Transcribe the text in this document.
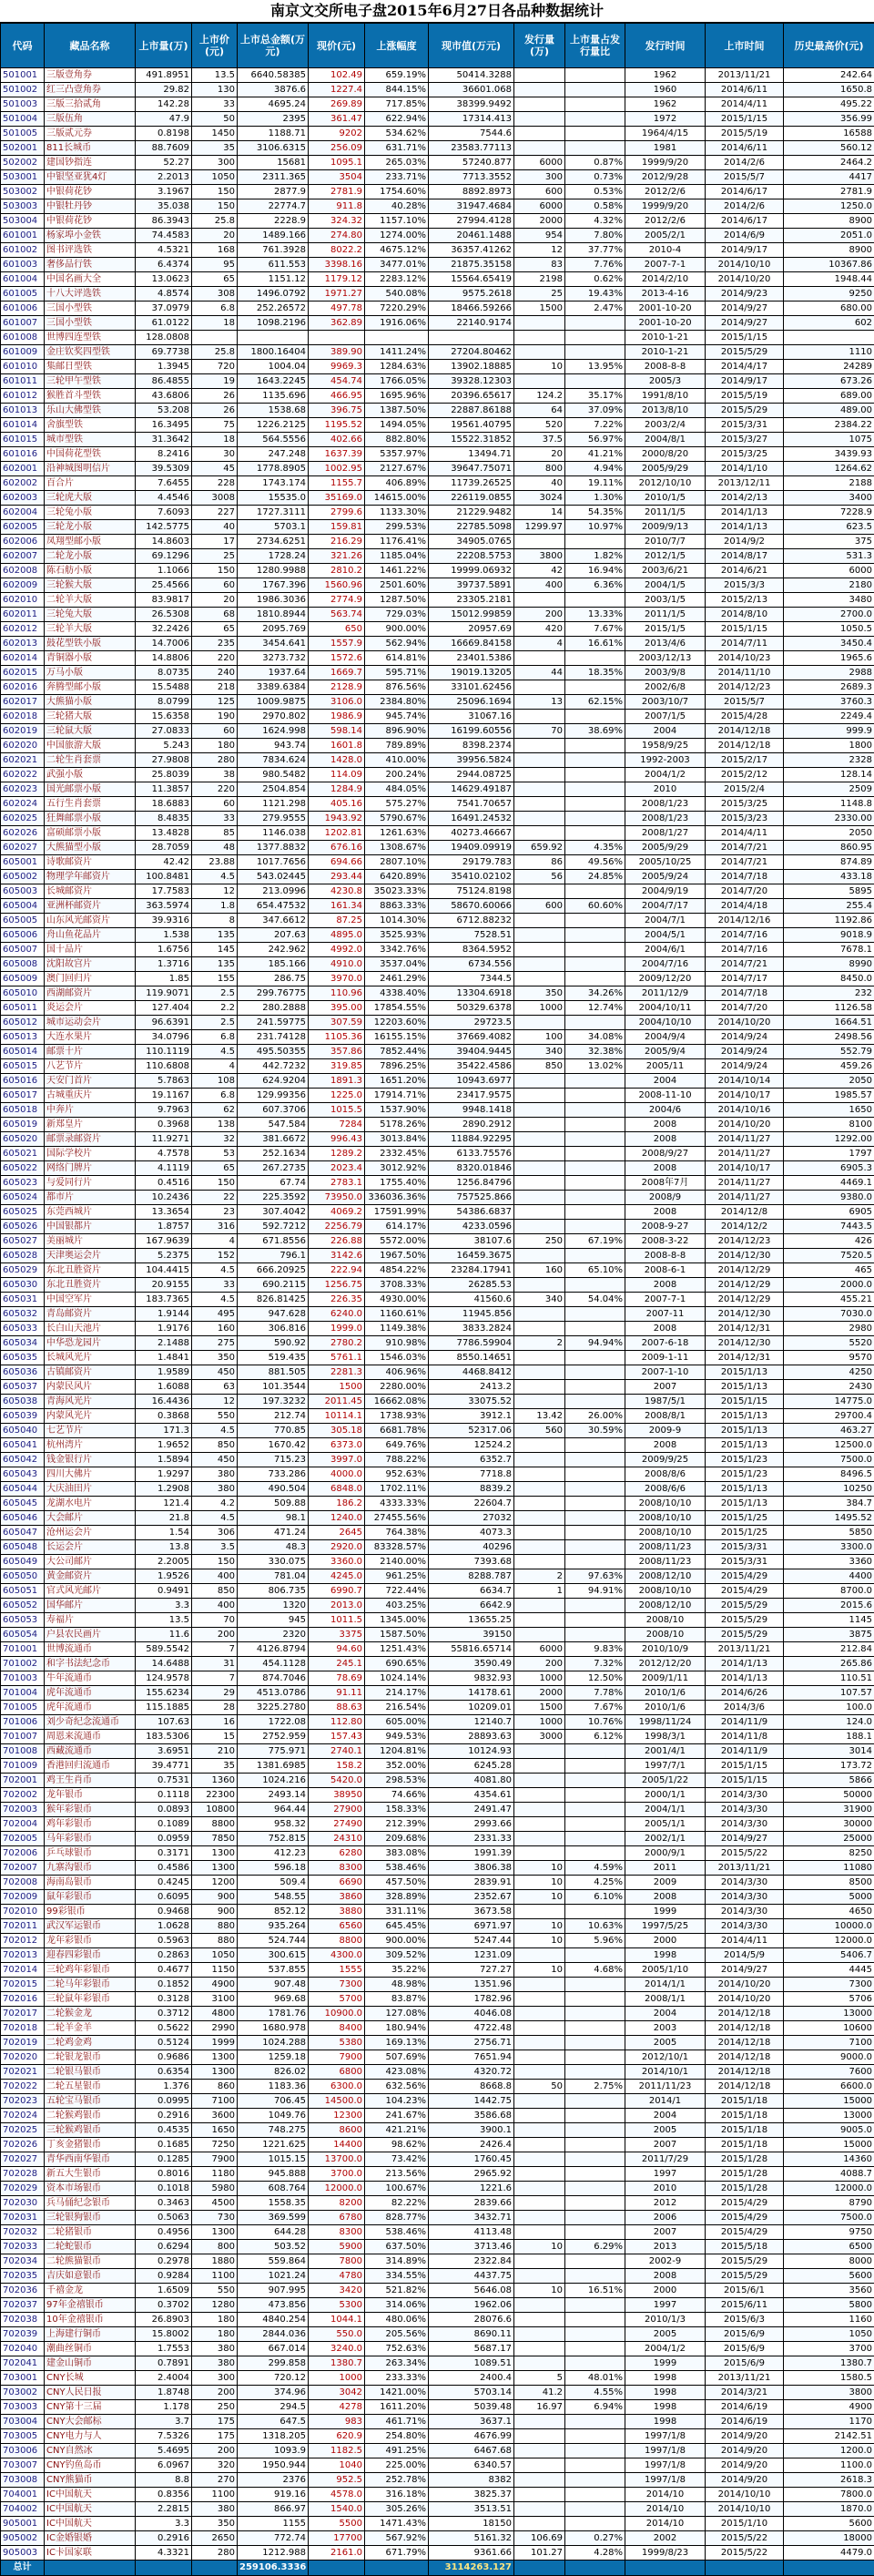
南京文交所电子盘2015年6月27日各品种数据统计
代码	藏品名称	上市量(万)	上市价(元)	上市总金额(万元)	现价(元)	上涨幅度	现市值(万元)	发行量(万)	上市量占发行量比	发行时间	上市时间	历史最高价(元)
501001	三版壹角券	491.8951	13.5	6640.58385	102.49	659.19%	50414.3288			1962	2013/11/21	242.64
501002	红三凸壹角券	29.82	130	3876.6	1227.4	844.15%	36601.068			1960	2014/6/11	1650.8
501003	三版三拾贰角	142.28	33	4695.24	269.89	717.85%	38399.9492			1962	2014/4/11	495.22
501004	三版伍角	47.9	50	2395	361.47	622.94%	17314.413			1972	2015/1/15	356.99
501005	三版贰元券	0.8198	1450	1188.71	9202	534.62%	7544.6			1964/4/15	2015/5/19	16588
502001	811长城币	88.7609	35	3106.6315	256.09	631.71%	23583.77113			1981	2014/6/11	560.12
502002	建国钞指连	52.27	300	15681	1095.1	265.03%	57240.877	6000	0.87%	1999/9/20	2014/2/6	2464.2
503001	中银坚亚犹4灯	2.2013	1050	2311.365	3504	233.71%	7713.3552	300	0.73%	2012/9/28	2015/5/7	4417
503002	中银荷花钞	3.1967	150	2877.9	2781.9	1754.60%	8892.8973	600	0.53%	2012/2/6	2014/6/17	2781.9
503003	中银牡丹钞	35.038	150	22774.7	911.8	40.28%	31947.4684	6000	0.58%	1999/9/20	2014/2/6	1250.0
503004	中银荷花钞	86.3943	25.8	2228.9	324.32	1157.10%	27994.4128	2000	4.32%	2012/2/6	2014/6/17	8900
601001	杨家埠小金铁	74.4583	20	1489.166	274.80	1274.00%	20461.1488	954	7.80%	2005/2/1	2014/6/9	2051.0
601002	图书评选铁	4.5321	168	761.3928	8022.2	4675.12%	36357.41262	12	37.77%	2010-4	2014/9/17	8900
601003	奢侈品行铁	6.4374	95	611.553	3398.16	3477.01%	21875.35158	83	7.76%	2007-7-1	2014/10/10	10367.86
601004	中国名画大全	13.0623	65	1151.12	1179.12	2283.12%	15564.65419	2198	0.62%	2014/2/10	2014/10/20	1948.44
601005	十八大评选铁	4.8574	308	1496.0792	1971.27	540.08%	9575.2618	25	19.43%	2013-4-16	2014/9/23	9250
601006	三国小型铁	37.0979	6.8	252.26572	497.78	7220.29%	18466.59266	1500	2.47%	2001-10-20	2014/9/27	680.00
601007	三国小型铁	61.0122	18	1098.2196	362.89	1916.06%	22140.9174			2001-10-20	2014/9/27	602
601008	世博四连型铁	128.0808								2010-1-21	2015/1/15	
601009	金庄钦奖四型铁	69.7738	25.8	1800.16404	389.90	1411.24%	27204.80462			2010-1-21	2015/5/29	1110
601010	集邮日型铁	1.3945	720	1004.04	9969.3	1284.63%	13902.18885	10	13.95%	2008-8-8	2014/4/17	24289
601011	三轮甲午型铁	86.4855	19	1643.2245	454.74	1766.05%	39328.12303			2005/3	2014/9/17	673.26
601012	猴胜首斗型铁	43.6806	26	1135.696	466.95	1695.96%	20396.65617	124.2	35.17%	1991/8/10	2015/5/19	689.00
601013	乐山大佛型铁	53.208	26	1538.68	396.75	1387.50%	22887.86188	64	37.09%	2013/8/10	2015/5/29	489.00
601014	舍旗型铁	16.3495	75	1226.2125	1195.52	1494.05%	19561.40795	520	7.22%	2003/2/4	2015/3/31	2384.22
601015	城市型铁	31.3642	18	564.5556	402.66	882.80%	15522.31852	37.5	56.97%	2004/8/1	2015/3/27	1075
601016	中国荷花型铁	8.2416	30	247.248	1637.39	5357.97%	13494.71	20	41.21%	2000/8/20	2015/3/25	3439.93
602001	沿神城图明信片	39.5309	45	1778.8905	1002.95	2127.67%	39647.75071	800	4.94%	2005/9/29	2014/1/10	1264.62
602002	百合片	7.6455	228	1743.174	1155.7	406.89%	11739.26525	40	19.11%	2012/10/10	2013/12/11	2188
602003	三轮虎大版	4.4546	3008	15535.0	35169.0	14615.00%	226119.0855	3024	1.30%	2010/1/5	2014/2/13	3400
602004	三轮兔小版	7.6093	227	1727.3111	2799.6	1133.30%	21229.9482	14	54.35%	2011/1/5	2014/1/13	7228.9
602005	三轮龙小版	142.5775	40	5703.1	159.81	299.53%	22785.5098	1299.97	10.97%	2009/9/13	2014/1/13	623.5
602006	凤翔型邮小版	14.8603	17	2734.6251	216.29	1176.41%	34905.0765			2010/7/7	2014/9/2	375
602007	二轮龙小版	69.1296	25	1728.24	321.26	1185.04%	22208.5753	3800	1.82%	2012/1/5	2014/8/17	531.3
602008	陈石舫小版	1.1066	150	1280.9988	2810.2	1461.22%	19999.06932	42	16.94%	2003/6/21	2014/6/21	6000
602009	三轮猴大版	25.4566	60	1767.396	1560.96	2501.60%	39737.5891	400	6.36%	2004/1/5	2015/3/3	2180
602010	二轮羊大版	83.9817	20	1986.3036	2774.9	1287.50%	23305.2181			2003/1/5	2015/2/13	3480
602011	三轮兔大版	26.5308	68	1810.8944	563.74	729.03%	15012.99859	200	13.33%	2011/1/5	2014/8/10	2700.0
602012	三轮羊大版	32.2426	65	2095.769	650	900.00%	20957.69	420	7.67%	2015/1/5	2015/1/15	1050.5
602013	鼓花型铁小版	14.7006	235	3454.641	1557.9	562.94%	16669.84158	4	16.61%	2013/4/6	2014/7/11	3450.4
602014	青铜器小版	14.8806	220	3273.732	1572.6	614.81%	23401.5386			2003/12/13	2014/10/23	1965.6
602015	万马小版	8.0735	240	1937.64	1669.7	595.71%	19019.13205	44	18.35%	2003/9/8	2014/11/10	2988
602016	奔腾型邮小版	15.5488	218	3389.6384	2128.9	876.56%	33101.62456			2002/6/8	2014/12/23	2689.3
602017	大熊猫小版	8.0799	125	1009.9875	3106.0	2384.80%	25096.1694	13	62.15%	2003/10/7	2015/5/7	3760.3
602018	三轮猪大版	15.6358	190	2970.802	1986.9	945.74%	31067.16			2007/1/5	2015/4/28	2249.4
602019	三轮鼠大版	27.0833	60	1624.998	598.14	896.90%	16199.60556	70	38.69%	2004	2014/12/18	999.9
602020	中国旅游大版	5.243	180	943.74	1601.8	789.89%	8398.2374			1958/9/25	2014/12/18	1800
602021	二轮生肖套票	27.9808	280	7834.624	1428.0	410.00%	39956.5824			1992-2003	2015/2/17	2328
602022	武强小版	25.8039	38	980.5482	114.09	200.24%	2944.08725			2004/1/2	2015/2/12	128.14
602023	国光邮票小版	11.3857	220	2504.854	1284.9	484.05%	14629.49187			2010	2015/2/4	2509
602024	五行生肖套票	18.6883	60	1121.298	405.16	575.27%	7541.70657			2008/1/23	2015/3/25	1148.8
602025	狂舞邮票小版	8.4835	33	279.9555	1943.92	5790.67%	16491.24532			2008/1/23	2015/3/23	2330.00
602026	富硕邮票小版	13.4828	85	1146.038	1202.81	1261.63%	40273.46667			2008/1/27	2014/4/11	2050
602027	大熊猫型小版	28.7059	48	1377.8832	676.16	1308.67%	19409.09919	659.92	4.35%	2005/9/29	2014/7/21	860.95
605001	诗歌邮资片	42.42	23.88	1017.7656	694.66	2807.10%	29179.783	86	49.56%	2005/10/25	2014/7/21	874.89
605002	物理学年邮资片	100.8481	4.5	543.02445	293.44	6420.89%	35410.02102	56	24.85%	2005/9/24	2014/7/18	433.18
605003	长城邮资片	17.7583	12	213.0996	4230.8	35023.33%	75124.8198			2004/9/19	2014/7/20	5895
605004	亚洲杯邮资片	363.5974	1.8	654.47532	161.34	8863.33%	58670.60066	600	60.60%	2004/7/17	2014/4/18	255.4
605005	山东风光邮资片	39.9316	8	347.6612	87.25	1014.30%	6712.88232			2004/7/1	2014/12/16	1192.86
605006	舟山鱼花品片	1.538	135	207.63	4895.0	3525.93%	7528.51			2004/5/1	2014/7/16	9018.9
605007	国十品片	1.6756	145	242.962	4992.0	3342.76%	8364.5952			2004/6/1	2014/7/16	7678.1
605008	沈阳故宫片	1.3716	135	185.166	4910.0	3537.04%	6734.556			2004/7/16	2014/7/21	8990
605009	澳门回归片	1.85	155	286.75	3970.0	2461.29%	7344.5			2009/12/20	2014/7/17	8450.0
605010	西湖邮资片	119.9071	2.5	299.76775	110.96	4338.40%	13304.6918	350	34.26%	2011/12/9	2014/7/18	232
605011	炎运会片	127.404	2.2	280.2888	395.00	17854.55%	50329.6378	1000	12.74%	2004/10/11	2014/7/20	1126.58
605012	城市运动会片	96.6391	2.5	241.59775	307.59	12203.60%	29723.5			2004/10/10	2014/10/20	1664.51
605013	大连水果片	34.0796	6.8	231.74128	1105.36	16155.15%	37669.4082	100	34.08%	2004/9/4	2014/9/24	2498.56
605014	邮票十片	110.1119	4.5	495.50355	357.86	7852.44%	39404.9445	340	32.38%	2005/9/4	2014/9/24	552.79
605015	八艺节片	110.6808	4	442.7232	319.85	7896.25%	35422.4586	850	13.02%	2005/11	2014/9/24	459.26
605016	天安门首片	5.7863	108	624.9204	1891.3	1651.20%	10943.6977			2004	2014/10/14	2050
605017	古城重庆片	19.1167	6.8	129.99356	1225.0	17914.71%	23417.9575			2008-11-10	2014/10/17	1985.57
605018	中奔片	9.7963	62	607.3706	1015.5	1537.90%	9948.1418			2004/6	2014/10/16	1650
605019	新郑皇片	0.3968	138	547.584	7284	5178.26%	2890.2912			2008	2014/10/20	8100
605020	邮票录邮资片	11.9271	32	381.6672	996.43	3013.84%	11884.92295			2008	2014/11/27	1292.00
605021	国际学校片	4.7578	53	252.1634	1289.2	2332.45%	6133.75576			2008/9/27	2014/11/27	1797
605022	网络门牌片	4.1119	65	267.2735	2023.4	3012.92%	8320.01846			2008	2014/10/17	6905.3
605023	与爱同行片	0.4516	150	67.74	2783.1	1755.40%	1256.84796			2008年7月	2014/11/27	4469.1
605024	都市片	10.2436	22	225.3592	73950.0	336036.36%	757525.866			2008/9	2014/11/27	9380.0
605025	东莞西城片	13.3654	23	307.4042	4069.2	17591.99%	54386.6837			2008	2014/12/8	6905
605026	中国银都片	1.8757	316	592.7212	2256.79	614.17%	4233.0596			2008-9-27	2014/12/2	7443.5
605027	美丽城片	167.9639	4	671.8556	226.88	5572.00%	38107.6	250	67.19%	2008-3-22	2014/12/23	426
605028	天津奥运会片	5.2375	152	796.1	3142.6	1967.50%	16459.3675			2008-8-8	2014/12/30	7520.5
605029	东北丑胜资片	104.4415	4.5	666.20925	222.94	4854.22%	23284.17941	160	65.10%	2008-6-1	2014/12/29	465
605030	东北丑胜资片	20.9155	33	690.2115	1256.75	3708.33%	26285.53			2008	2014/12/29	2000.0
605031	中国空军片	183.7365	4.5	826.81425	226.35	4930.00%	41560.6	340	54.04%	2007-7-1	2014/12/29	455.21
605032	青岛邮资片	1.9144	495	947.628	6240.0	1160.61%	11945.856			2007-11	2014/12/30	7030.0
605033	长白山天池片	1.9176	160	306.816	1999.0	1149.38%	3833.2824			2008	2014/12/31	2980
605034	中华恐龙园片	2.1488	275	590.92	2780.2	910.98%	7786.59904	2	94.94%	2007-6-18	2014/12/30	5520
605035	长城风光片	1.4841	350	519.435	5761.1	1546.03%	8550.14651			2009-1-11	2014/12/31	9570
605036	古镇邮资片	1.9589	450	881.505	2281.3	406.96%	4468.8412			2007-1-10	2015/1/13	4250
605037	内蒙民风片	1.6088	63	101.3544	1500	2280.00%	2413.2			2007	2015/1/13	2430
605038	青海风光片	16.4436	12	197.3232	2011.45	16662.08%	33075.52			1987/5/1	2015/1/15	14775.0
605039	内蒙风光片	0.3868	550	212.74	10114.1	1738.93%	3912.1	13.42	26.00%	2008/8/1	2015/1/13	29700.4
605040	七艺节片	171.3	4.5	770.85	305.18	6681.78%	52317.06	560	30.59%	2009-9	2015/1/13	463.27
605041	杭州湾片	1.9652	850	1670.42	6373.0	649.76%	12524.2			2008	2015/1/13	12500.0
605042	钱金银行片	1.5894	450	715.23	3997.0	788.22%	6352.7			2009/9/25	2015/1/23	7500.0
605043	四川大佛片	1.9297	380	733.286	4000.0	952.63%	7718.8			2008/8/6	2015/1/23	8496.5
605044	大庆油田片	1.2908	380	490.504	6848.0	1702.11%	8839.2			2008/6/6	2015/1/13	10250
605045	龙湖水电片	121.4	4.2	509.88	186.2	4333.33%	22604.7			2008/10/10	2015/1/13	384.7
605046	大会邮片	21.8	4.5	98.1	1240.0	27455.56%	27032			2008/10/10	2015/1/25	1495.52
605047	沧州运会片	1.54	306	471.24	2645	764.38%	4073.3			2008/10/10	2015/1/25	5850
605048	长运会片	13.8	3.5	48.3	2920.0	83328.57%	40296			2008/11/23	2015/3/31	3300.0
605049	大公司邮片	2.2005	150	330.075	3360.0	2140.00%	7393.68			2008/11/23	2015/3/31	3360
605050	黄金邮资片	1.9526	400	781.04	4245.0	961.25%	8288.787	2	97.63%	2008/12/10	2015/4/29	4400
605051	官式风光邮片	0.9491	850	806.735	6990.7	722.44%	6634.7	1	94.91%	2008/10/10	2015/4/29	8700.0
605052	国华邮片	3.3	400	1320	2013.0	403.25%	6642.9			2008/12/10	2015/5/29	2015.6
605053	寿福片	13.5	70	945	1011.5	1345.00%	13655.25			2008/10	2015/5/29	1145
605054	户县农民画片	11.6	200	2320	3375	1587.50%	39150			2008/10	2015/5/29	3875
701001	世博流通币	589.5542	7	4126.8794	94.60	1251.43%	55816.65714	6000	9.83%	2010/10/9	2013/11/21	212.84
701002	和字书法纪念币	14.6488	31	454.1128	245.1	690.65%	3590.49	200	7.32%	2012/12/20	2014/1/13	265.86
701003	牛年流通币	124.9578	7	874.7046	78.69	1024.14%	9832.93	1000	12.50%	2009/1/11	2014/1/13	110.51
701004	虎年流通币	155.6234	29	4513.0786	91.11	214.17%	14178.61	2000	7.78%	2010/1/6	2014/6/26	107.57
701005	虎年流通币	115.1885	28	3225.2780	88.63	216.54%	10209.01	1500	7.67%	2010/1/6	2014/3/6	100.0
701006	刘少奇纪念流通币	107.63	16	1722.08	112.80	605.00%	12140.7	1000	10.76%	1998/11/24	2014/11/9	124.0
701007	周恩来流通币	183.5306	15	2752.959	157.43	949.53%	28893.63	3000	6.12%	1998/3/1	2014/11/8	188.1
701008	西藏流通币	3.6951	210	775.971	2740.1	1204.81%	10124.93			2001/4/1	2014/11/9	3014
701009	香港回归流通币	39.4771	35	1381.6985	158.2	352.00%	6245.28			1997/7/1	2015/1/15	173.72
702001	鸡王生肖币	0.7531	1360	1024.216	5420.0	298.53%	4081.80			2005/1/22	2015/1/15	5866
702002	龙年银币	0.1118	22300	2493.14	38950	74.66%	4354.61			2000/1/1	2014/3/30	50000
702003	猴年彩银币	0.0893	10800	964.44	27900	158.33%	2491.47			2004/1/1	2014/3/30	31900
702004	鸡年彩银币	0.1089	8800	958.32	27490	212.39%	2993.66			2005/1/1	2014/3/30	30000
702005	马年彩银币	0.0959	7850	752.815	24310	209.68%	2331.33			2002/1/1	2014/9/27	25000
702006	乒乓球银币	0.3171	1300	412.23	6280	383.08%	1991.39			2000/9/1	2015/5/22	8250
702007	九寨沟银币	0.4586	1300	596.18	8300	538.46%	3806.38	10	4.59%	2011	2013/11/21	11080
702008	海南岛银币	0.4245	1200	509.4	6690	457.50%	2839.91	10	4.25%	2009	2014/3/30	8500
702009	鼠年彩银币	0.6095	900	548.55	3860	328.89%	2352.67	10	6.10%	2008	2014/3/30	5000
702010	99彩银币	0.9468	900	852.12	3880	331.11%	3673.58			1999	2014/3/30	4650
702011	武汉军运银币	1.0628	880	935.264	6560	645.45%	6971.97	10	10.63%	1997/5/25	2014/3/30	10000.0
702012	龙年彩银币	0.5963	880	524.744	8800	900.00%	5247.44	10	5.96%	2000	2014/4/11	12000.0
702013	迎春四彩银币	0.2863	1050	300.615	4300.0	309.52%	1231.09			1998	2014/5/9	5406.7
702014	三轮鸡年彩银币	0.4677	1150	537.855	1555	35.22%	727.27	10	4.68%	2005/1/10	2014/9/27	4445
702015	二轮马年彩银币	0.1852	4900	907.48	7300	48.98%	1351.96			2014/1/1	2014/10/20	7300
702016	三轮鼠年彩银币	0.3128	3100	969.68	5700	83.87%	1782.96			2008/1/1	2014/10/20	5706
702017	二轮猴金龙	0.3712	4800	1781.76	10900.0	127.08%	4046.08			2004	2014/12/18	13000
702018	二轮羊金羊	0.5622	2990	1680.978	8400	180.94%	4722.48			2003	2014/12/18	10600
702019	二轮鸡金鸡	0.5124	1999	1024.288	5380	169.13%	2756.71			2005	2014/12/18	7100
702020	二轮银龙银币	0.9686	1300	1259.18	7900	507.69%	7651.94			2012/10/1	2014/12/18	9000.0
702021	二轮银马银币	0.6354	1300	826.02	6800	423.08%	4320.72			2014/10/1	2014/12/18	7600
702022	二轮五星银币	1.376	860	1183.36	6300.0	632.56%	8668.8	50	2.75%	2011/11/23	2014/12/18	6600.0
702023	五轮宝马银币	0.0995	7100	706.45	14500.0	104.23%	1442.75			2014/1	2015/1/18	15000
702024	二轮猴鸡银币	0.2916	3600	1049.76	12300	241.67%	3586.68			2004	2015/1/18	13000
702025	三轮猴鸡银币	0.4535	1650	748.275	8600	421.21%	3900.1			2005	2015/1/18	9005.0
702026	丁亥金猪银币	0.1685	7250	1221.625	14400	98.62%	2426.4			2007	2015/1/18	15000
702027	青华西南华银币	0.1285	7900	1015.15	13700.0	73.42%	1760.45			2011/7/29	2015/1/28	14360
702028	新五大生银币	0.8016	1180	945.888	3700.0	213.56%	2965.92			1997	2015/1/28	4088.7
702029	资本市场银币	0.1018	5980	608.764	12000.0	100.67%	1221.6			2010	2015/1/28	12000.0
702030	兵马俑纪念银币	0.3463	4500	1558.35	8200	82.22%	2839.66			2012	2015/4/29	8790
702031	三轮银狗银币	0.5063	730	369.599	6780	828.77%	3432.71			2006	2015/4/29	7500.0
702032	二轮猪银币	0.4956	1300	644.28	8300	538.46%	4113.48			2007	2015/4/29	9750
702033	二轮蛇银币	0.6294	800	503.52	5900	637.50%	3713.46	10	6.29%	2013	2015/5/18	6500
702034	二轮熊猫银币	0.2978	1880	559.864	7800	314.89%	2322.84			2002-9	2015/5/29	8000
702035	吉庆如意银币	0.9284	1100	1021.24	4780	334.55%	4437.75			2008	2015/5/29	5600
702036	千禧金龙	1.6509	550	907.995	3420	521.82%	5646.08	10	16.51%	2000	2015/6/1	3560
702037	97年金禧银币	0.3702	1280	473.856	5300	314.06%	1962.06			1997	2015/6/11	5800
702038	10年金禧银币	26.8903	180	4840.254	1044.1	480.06%	28076.6			2010/1/3	2015/6/3	1160
702039	上海建行铜币	15.8002	180	2844.036	550.0	205.56%	8690.11			2005	2015/6/9	1050
702040	潮曲丝铜币	1.7553	380	667.014	3240.0	752.63%	5687.17			2004/1/2	2015/6/9	3700
702041	建金山铜币	0.7891	380	299.858	1380.7	263.34%	1089.51			1999	2015/6/9	1380.7
703001	CNY长城	2.4004	300	720.12	1000	233.33%	2400.4	5	48.01%	1998	2013/11/21	1580.5
703002	CNY人民日报	1.8748	200	374.96	3042	1421.00%	5703.14	41.2	4.55%	1998	2014/3/21	3800
703003	CNY第十三届	1.178	250	294.5	4278	1611.20%	5039.48	16.97	6.94%	1998	2014/6/19	4900
703004	CNY大会邮标	3.7	175	647.5	983	461.71%	3637.1			1998	2014/6/19	1170
703005	CNY电力与人	7.5326	175	1318.205	620.9	254.80%	4676.99			1997/1/8	2014/9/20	2142.51
703006	CNY自然冰	5.4695	200	1093.9	1182.5	491.25%	6467.68			1997/1/8	2014/9/20	1200.0
703007	CNY钓鱼岛币	6.0967	320	1950.944	1040	225.00%	6340.57			1997/1/8	2014/9/20	1100.0
703008	CNY熊猫币	8.8	270	2376	952.5	252.78%	8382			1997/1/8	2014/9/20	2618.3
704001	IC中国航天	0.8356	1100	919.16	4578.0	316.18%	3825.37			2014/10	2014/10/10	7800.0
704002	IC中国航天	2.2815	380	866.97	1540.0	305.26%	3513.51			2014/10	2014/10/10	1870.0
905001	IC中国航天	3.3	350	1155	5500	1471.43%	18150			2014/10	2015/1/10	5600
905002	IC金婚银婚	0.2916	2650	772.74	17700	567.92%	5161.32	106.69	0.27%	2002	2015/5/22	18000
905003	IC卡国家联	4.3321	280	1212.988	2161.0	671.79%	9361.66	101.27	4.28%	1999/8/23	2015/5/22	4479.0
总计				259106.3336			3114263.127					
